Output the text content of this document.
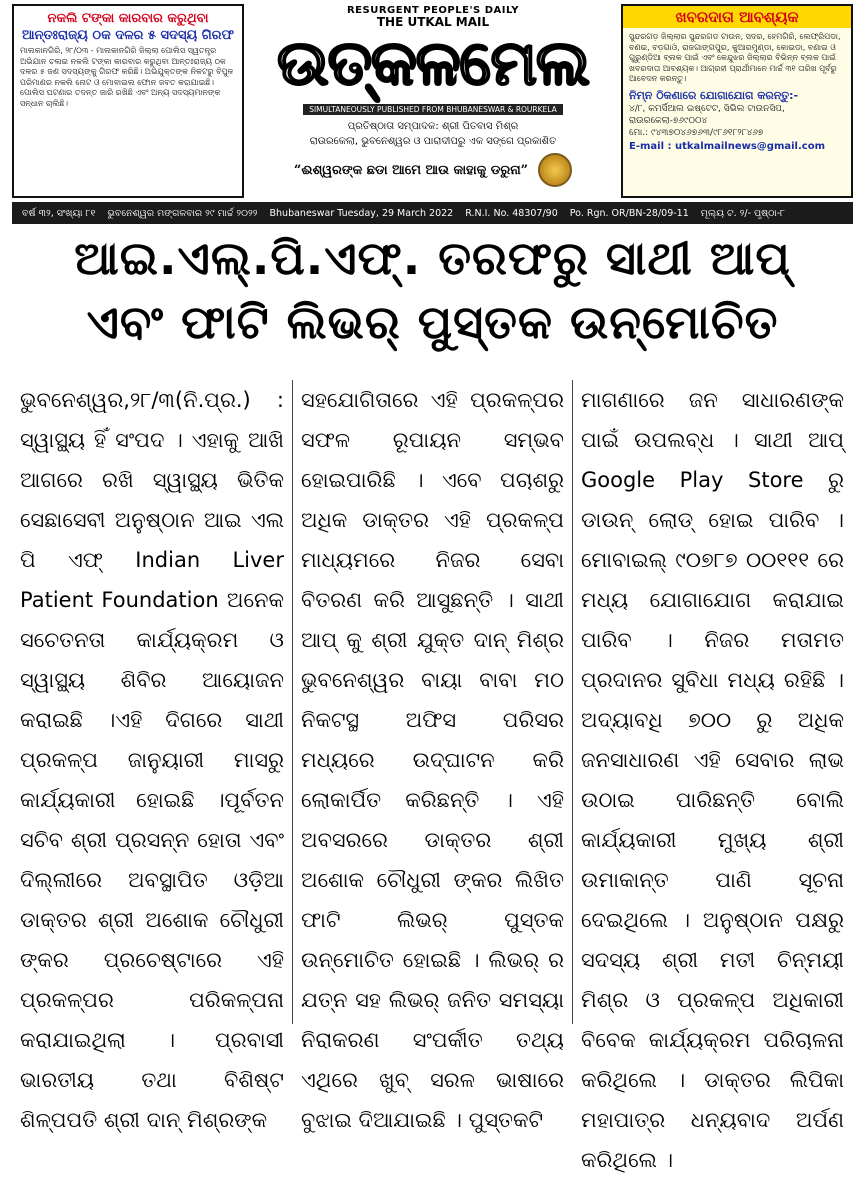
ନକଲି ଟଙ୍କା କାରବାର କରୁଥିବା
ଆନ୍ତଃରାଜ୍ୟ ଠକ ଦଳର ୫ ସଦସ୍ୟ ଗିରଫ
ମାଲକାନଗିରି, ୨୮/୦୩ - ମାଲକାନଗିରି ଜିଲ୍ଲା ପୋଲିସ ସ୍ୱତନ୍ତ୍ର ଅଭିଯାନ ଚଳାଇ ନକଲି ଟଙ୍କା କାରବାର କରୁଥିବା ଆନ୍ତଃରାଜ୍ୟ ଠକ ଦଳର ୫ ଜଣ ସଦସ୍ୟଙ୍କୁ ଗିରଫ କରିଛି। ଅଭିଯୁକ୍ତଙ୍କ ନିକଟରୁ ବିପୁଳ ପରିମାଣର ନକଲି ନୋଟ ଓ ମୋବାଇଲ ଫୋନ ଜବତ କରାଯାଇଛି। ପୋଲିସ ଘଟଣାର ତଦନ୍ତ ଜାରି ରଖିଛି ଏବଂ ଅନ୍ୟ ସଦସ୍ୟମାନଙ୍କ ସନ୍ଧାନ ଚାଲିଛି।
RESURGENT PEOPLE'S DAILY
THE UTKAL MAIL
ଉତ୍କଳମେଲ
SIMULTANEOUSLY PUBLISHED FROM BHUBANESWAR & ROURKELA
ପ୍ରତିଷ୍ଠାତା ସମ୍ପାଦକ: ଶ୍ରୀ ପିତବାସ ମିଶ୍ର
ରାଉରକେଲା, ଭୁବନେଶ୍ୱର ଓ ପାରାଦୀପରୁ ଏକ ସଙ୍ଗେ ପ୍ରକାଶିତ
“ଈଶ୍ୱରଙ୍କ ଛଡା ଆମେ ଆଉ କାହାକୁ ଡରୁନା”
ଖବରଦାତା ଆବଶ୍ୟକ
ସୁନ୍ଦରଗଡ଼ ଜିଲ୍ଲାର ସୁନ୍ଦରଗଡ ଟାଉନ, ସଦର, ହେମଗିରି, ଲେଫ୍ରିପଡା, ବଣଇ, ବଡ଼ଗାଓଁ, ରାଜଗାଙ୍ଗପୁର, କୁଆରମୁଣ୍ଡା, କୋଇଡା, ବଣାଇ ଓ ଗୁରୁଣ୍ଡିଆ ବ୍ଲକ ପାଇଁ ଏବଂ କେନ୍ଦୁଝର ଜିଲ୍ଲାର ବିଭିନ୍ନ ବ୍ଲକ ପାଇଁ ଖବରଦାତା ଆବଶ୍ୟକ। ଆଗ୍ରହୀ ପ୍ରାର୍ଥୀମାନେ ମାର୍ଚ୍ଚ ୩୧ ତାରିଖ ପୂର୍ବରୁ ଆବେଦନ କରନ୍ତୁ।
ନିମ୍ନ ଠିକଣାରେ ଯୋଗାଯୋଗ କରନ୍ତୁ:-
୪/୮, କମର୍ସିଆଲ ଇଷ୍ଟେଟ, ସିଭିଲ ଟାଉନସିପ,
ରାଉରକେଲା-୭୬୯୦୦୪
ମୋ.: ୯୪୩୭୦୪୬୭୬୩/୯୮୬୧୮୨୮୪୬୭
E-mail : utkalmailnews@gmail.com
ବର୍ଷ ୩୨, ସଂଖ୍ୟା ୮୧ ଭୁବନେଶ୍ୱର ମଙ୍ଗଳବାର ୨୯ ମାର୍ଚ୍ଚ ୨୦୨୨ Bhubaneswar Tuesday, 29 March 2022 R.N.I. No. 48307/90 Po. Rgn. OR/BN-28/09-11 ମୂଲ୍ୟ ଟ. ୨/- ପୃଷ୍ଠା-୮
ଆଇ.ଏଲ୍.ପି.ଏଫ୍. ତରଫରୁ ସାଥୀ ଆପ୍
ଏବଂ ଫାଟି ଲିଭର୍ ପୁସ୍ତକ ଉନ୍ମୋଚିତ
ଭୁବନେଶ୍ୱର,୨୮/୩(ନି.ପ୍ର.) : ସ୍ୱାସ୍ଥ୍ୟ ହିଁ ସଂପଦ । ଏହାକୁ ଆଖି ଆଗରେ ରଖି ସ୍ୱାସ୍ଥ୍ୟ ଭିତିକ ସେଛାସେବୀ ଅନୁଷ୍ଠାନ ଆଇ ଏଲ ପି ଏଫ୍ Indian Liver Patient Foundation ଅନେକ ସଚେତନତା କାର୍ଯ୍ୟକ୍ରମ ଓ ସ୍ୱାସ୍ଥ୍ୟ ଶିବିର ଆୟୋଜନ କରାଇଛି ।ଏହି ଦିଗରେ ସାଥୀ ପ୍ରକଳ୍ପ ଜାନୁୟାରୀ ମାସରୁ କାର୍ଯ୍ୟକାରୀ ହୋଇଛି ।ପୂର୍ବତନ ସଚିବ ଶ୍ରୀ ପ୍ରସନ୍ନ ହୋତା ଏବଂ ଦିଲ୍ଲୀରେ ଅବସ୍ଥାପିତ ଓଡ଼ିଆ ଡାକ୍ତର ଶ୍ରୀ ଅଶୋକ ଚୌଧୁରୀ ଙ୍କର ପ୍ରଚେଷ୍ଟାରେ ଏହି ପ୍ରକଳ୍ପର ପରିକଳ୍ପନା କରାଯାଇଥିଲା । ପ୍ରବାସୀ ଭାରତୀୟ ତଥା ବିଶିଷ୍ଟ ଶିଳ୍ପପତି ଶ୍ରୀ ଦାନ୍ ମିଶ୍ରଙ୍କ
ସହଯୋଗିତାରେ ଏହି ପ୍ରକଳ୍ପର ସଫଳ ରୂପାୟନ ସମ୍ଭବ ହୋଇପାରିଛି । ଏବେ ପଚାଶରୁ ଅଧିକ ଡାକ୍ତର ଏହି ପ୍ରକଳ୍ପ ମାଧ୍ୟମରେ ନିଜର ସେବା ବିତରଣ କରି ଆସୁଛନ୍ତି । ସାଥୀ ଆପ୍ କୁ ଶ୍ରୀ ଯୁକ୍ତ ଦାନ୍ ମିଶ୍ର ଭୁବନେଶ୍ୱର ବାୟା ବାବା ମଠ ନିକଟସ୍ଥ ଅଫିସ ପରିସର ମଧ୍ୟରେ ଉଦ୍‌ଘାଟନ କରି ଲୋକାର୍ପିତ କରିଛନ୍ତି । ଏହି ଅବସରରେ ଡାକ୍ତର ଶ୍ରୀ ଅଶୋକ ଚୌଧୁରୀ ଙ୍କର ଲିଖିତ ଫାଟି ଲିଭର୍ ପୁସ୍ତକ ଉନ୍ମୋଚିତ ହୋଇଛି । ଲିଭର୍ ର ଯତ୍ନ ସହ ଲିଭର୍ ଜନିତ ସମସ୍ୟା ନିରାକରଣ ସଂପର୍କୀତ ତଥ୍ୟ ଏଥିରେ ଖୁବ୍ ସରଳ ଭାଷାରେ ବୁଝାଇ ଦିଆଯାଇଛି । ପୁସ୍ତକଟି
ମାଗଣାରେ ଜନ ସାଧାରଣଙ୍କ ପାଇଁ ଉପଲବ୍ଧ । ସାଥୀ ଆପ୍ Google Play Store ରୁ ଡାଉନ୍ ଲୋଡ୍ ହୋଇ ପାରିବ । ମୋବାଇଲ୍ ୯୦୭୮୭ ୦୦୧୧୧ ରେ ମଧ୍ୟ ଯୋଗାଯୋଗ କରାଯାଇ ପାରିବ । ନିଜର ମତାମତ ପ୍ରଦାନର ସୁବିଧା ମଧ୍ୟ ରହିଛି । ଅଦ୍ୟାବଧି ୭୦୦ ରୁ ଅଧିକ ଜନସାଧାରଣ ଏହି ସେବାର ଲାଭ ଉଠାଇ ପାରିଛନ୍ତି ବୋଲି କାର୍ଯ୍ୟକାରୀ ମୁଖ୍ୟ ଶ୍ରୀ ଉମାକାନ୍ତ ପାଣି ସୂଚନା ଦେଇଥିଲେ । ଅନୁଷ୍ଠାନ ପକ୍ଷରୁ ସଦସ୍ୟ ଶ୍ରୀ ମତୀ ଚିନ୍ମୟୀ ମିଶ୍ର ଓ ପ୍ରକଳ୍ପ ଅଧିକାରୀ ବିବେକ କାର୍ଯ୍ୟକ୍ରମ ପରିଚାଳନା କରିଥିଲେ । ଡାକ୍ତର ଲିପିକା ମହାପାତ୍ର ଧନ୍ୟବାଦ ଅର୍ପଣ କରିଥିଲେ ।
